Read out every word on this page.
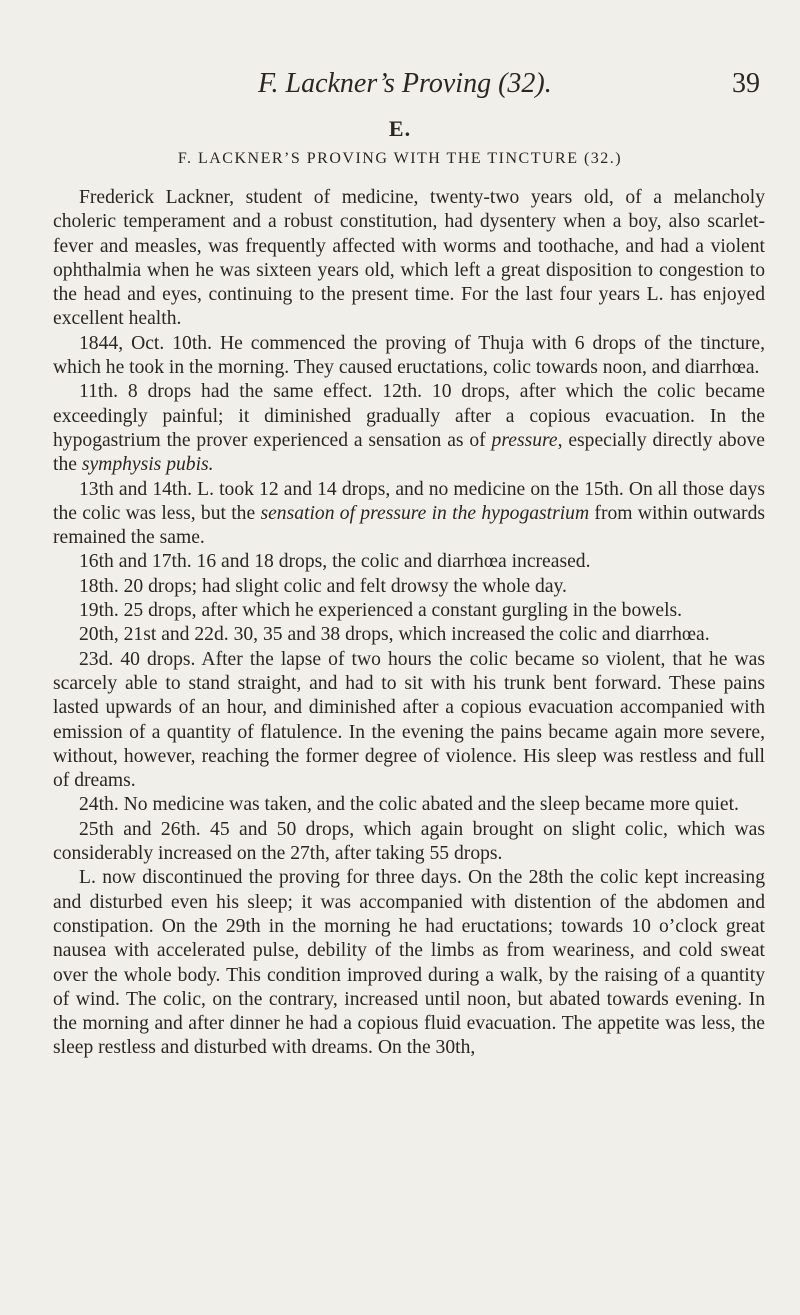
F. Lackner’s Proving (32).	39
E.
F. LACKNER’S PROVING WITH THE TINCTURE (32.)

Frederick Lackner, student of medicine, twenty-two years old, of a melancholy choleric temperament and a robust constitution, had dysentery when a boy, also scarlet-fever and measles, was frequently affected with worms and toothache, and had a violent ophthalmia when he was sixteen years old, which left a great disposition to congestion to the head and eyes, continuing to the present time. For the last four years L. has enjoyed excellent health.

1844, Oct. 10th. He commenced the proving of Thuja with 6 drops of the tincture, which he took in the morning. They caused eructations, colic towards noon, and diarrhœa.

11th. 8 drops had the same effect. 12th. 10 drops, after which the colic became exceedingly painful; it diminished gradually after a copious evacuation. In the hypogastrium the prover experienced a sensation as of pressure, especially directly above the symphysis pubis.

13th and 14th. L. took 12 and 14 drops, and no medicine on the 15th. On all those days the colic was less, but the sensation of pressure in the hypogastrium from within outwards remained the same.

16th and 17th. 16 and 18 drops, the colic and diarrhœa increased.

18th. 20 drops; had slight colic and felt drowsy the whole day.

19th. 25 drops, after which he experienced a constant gurgling in the bowels.

20th, 21st and 22d. 30, 35 and 38 drops, which increased the colic and diarrhœa.

23d. 40 drops. After the lapse of two hours the colic became so violent, that he was scarcely able to stand straight, and had to sit with his trunk bent forward. These pains lasted upwards of an hour, and diminished after a copious evacuation accompanied with emission of a quantity of flatulence. In the evening the pains became again more severe, without, however, reaching the former degree of violence. His sleep was restless and full of dreams.

24th. No medicine was taken, and the colic abated and the sleep became more quiet.

25th and 26th. 45 and 50 drops, which again brought on slight colic, which was considerably increased on the 27th, after taking 55 drops.

L. now discontinued the proving for three days. On the 28th the colic kept increasing and disturbed even his sleep; it was accompanied with distention of the abdomen and constipation. On the 29th in the morning he had eructations; towards 10 o’clock great nausea with accelerated pulse, debility of the limbs as from weariness, and cold sweat over the whole body. This condition improved during a walk, by the raising of a quantity of wind. The colic, on the contrary, increased until noon, but abated towards evening. In the morning and after dinner he had a copious fluid evacuation. The appetite was less, the sleep restless and disturbed with dreams. On the 30th,
